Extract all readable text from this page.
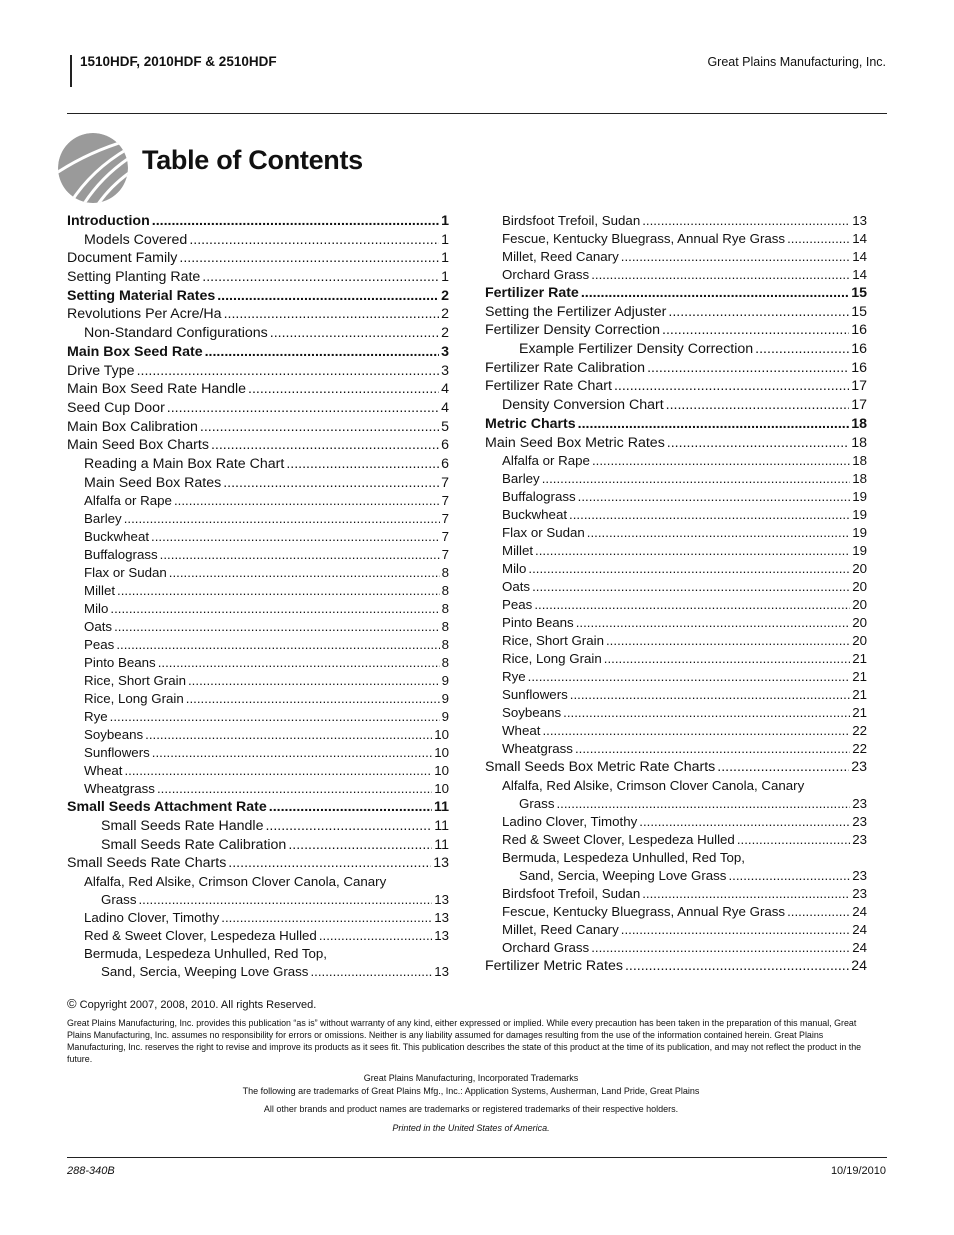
1510HDF, 2010HDF & 2510HDF	Great Plains Manufacturing, Inc.
Table of Contents
Introduction .....	1
Models Covered .....	1
Document Family .....	1
Setting Planting Rate .....	1
Setting Material Rates .....	2
Revolutions Per Acre/Ha .....	2
Non-Standard Configurations .....	2
Main Box Seed Rate .....	3
Drive Type .....	3
Main Box Seed Rate Handle .....	4
Seed Cup Door .....	4
Main Box Calibration .....	5
Main Seed Box Charts .....	6
Reading a Main Box Rate Chart .....	6
Main Seed Box Rates .....	7
Alfalfa or Rape .....	7
Barley .....	7
Buckwheat .....	7
Buffalograss .....	7
Flax or Sudan .....	8
Millet .....	8
Milo .....	8
Oats .....	8
Peas .....	8
Pinto Beans .....	8
Rice, Short Grain .....	9
Rice, Long Grain .....	9
Rye .....	9
Soybeans .....	10
Sunflowers .....	10
Wheat .....	10
Wheatgrass .....	10
Small Seeds Attachment Rate .....	11
Small Seeds Rate Handle .....	11
Small Seeds Rate Calibration .....	11
Small Seeds Rate Charts .....	13
Alfalfa, Red Alsike, Crimson Clover Canola, Canary
Grass .....	13
Ladino Clover, Timothy .....	13
Red & Sweet Clover, Lespedeza Hulled .....	13
Bermuda, Lespedeza Unhulled, Red Top,
Sand, Sercia, Weeping Love Grass .....	13
Birdsfoot Trefoil, Sudan .....	13
Fescue, Kentucky Bluegrass, Annual Rye Grass .....	14
Millet, Reed Canary .....	14
Orchard Grass .....	14
Fertilizer Rate .....	15
Setting the Fertilizer Adjuster .....	15
Fertilizer Density Correction .....	16
Example Fertilizer Density Correction .....	16
Fertilizer Rate Calibration .....	16
Fertilizer Rate Chart .....	17
Density Conversion Chart .....	17
Metric Charts .....	18
Main Seed Box Metric Rates .....	18
Alfalfa or Rape .....	18
Barley .....	18
Buffalograss .....	19
Buckwheat .....	19
Flax or Sudan .....	19
Millet .....	19
Milo .....	20
Oats .....	20
Peas .....	20
Pinto Beans .....	20
Rice, Short Grain .....	20
Rice, Long Grain .....	21
Rye .....	21
Sunflowers .....	21
Soybeans .....	21
Wheat .....	22
Wheatgrass .....	22
Small Seeds Box Metric Rate Charts .....	23
Alfalfa, Red Alsike, Crimson Clover Canola, Canary
Grass .....	23
Ladino Clover, Timothy .....	23
Red & Sweet Clover, Lespedeza Hulled .....	23
Bermuda, Lespedeza Unhulled, Red Top,
Sand, Sercia, Weeping Love Grass .....	23
Birdsfoot Trefoil, Sudan .....	23
Fescue, Kentucky Bluegrass, Annual Rye Grass .....	24
Millet, Reed Canary .....	24
Orchard Grass .....	24
Fertilizer Metric Rates .....	24
© Copyright 2007, 2008, 2010. All rights Reserved.
Great Plains Manufacturing, Inc. provides this publication “as is” without warranty of any kind, either expressed or implied. While every precaution has been taken in the preparation of this manual, Great Plains Manufacturing, Inc. assumes no responsibility for errors or omissions. Neither is any liability assumed for damages resulting from the use of the information contained herein. Great Plains Manufacturing, Inc. reserves the right to revise and improve its products as it sees fit. This publication describes the state of this product at the time of its publication, and may not reflect the product in the future.
Great Plains Manufacturing, Incorporated Trademarks
The following are trademarks of Great Plains Mfg., Inc.: Application Systems, Ausherman, Land Pride, Great Plains
All other brands and product names are trademarks or registered trademarks of their respective holders.
Printed in the United States of America.
288-340B	10/19/2010
